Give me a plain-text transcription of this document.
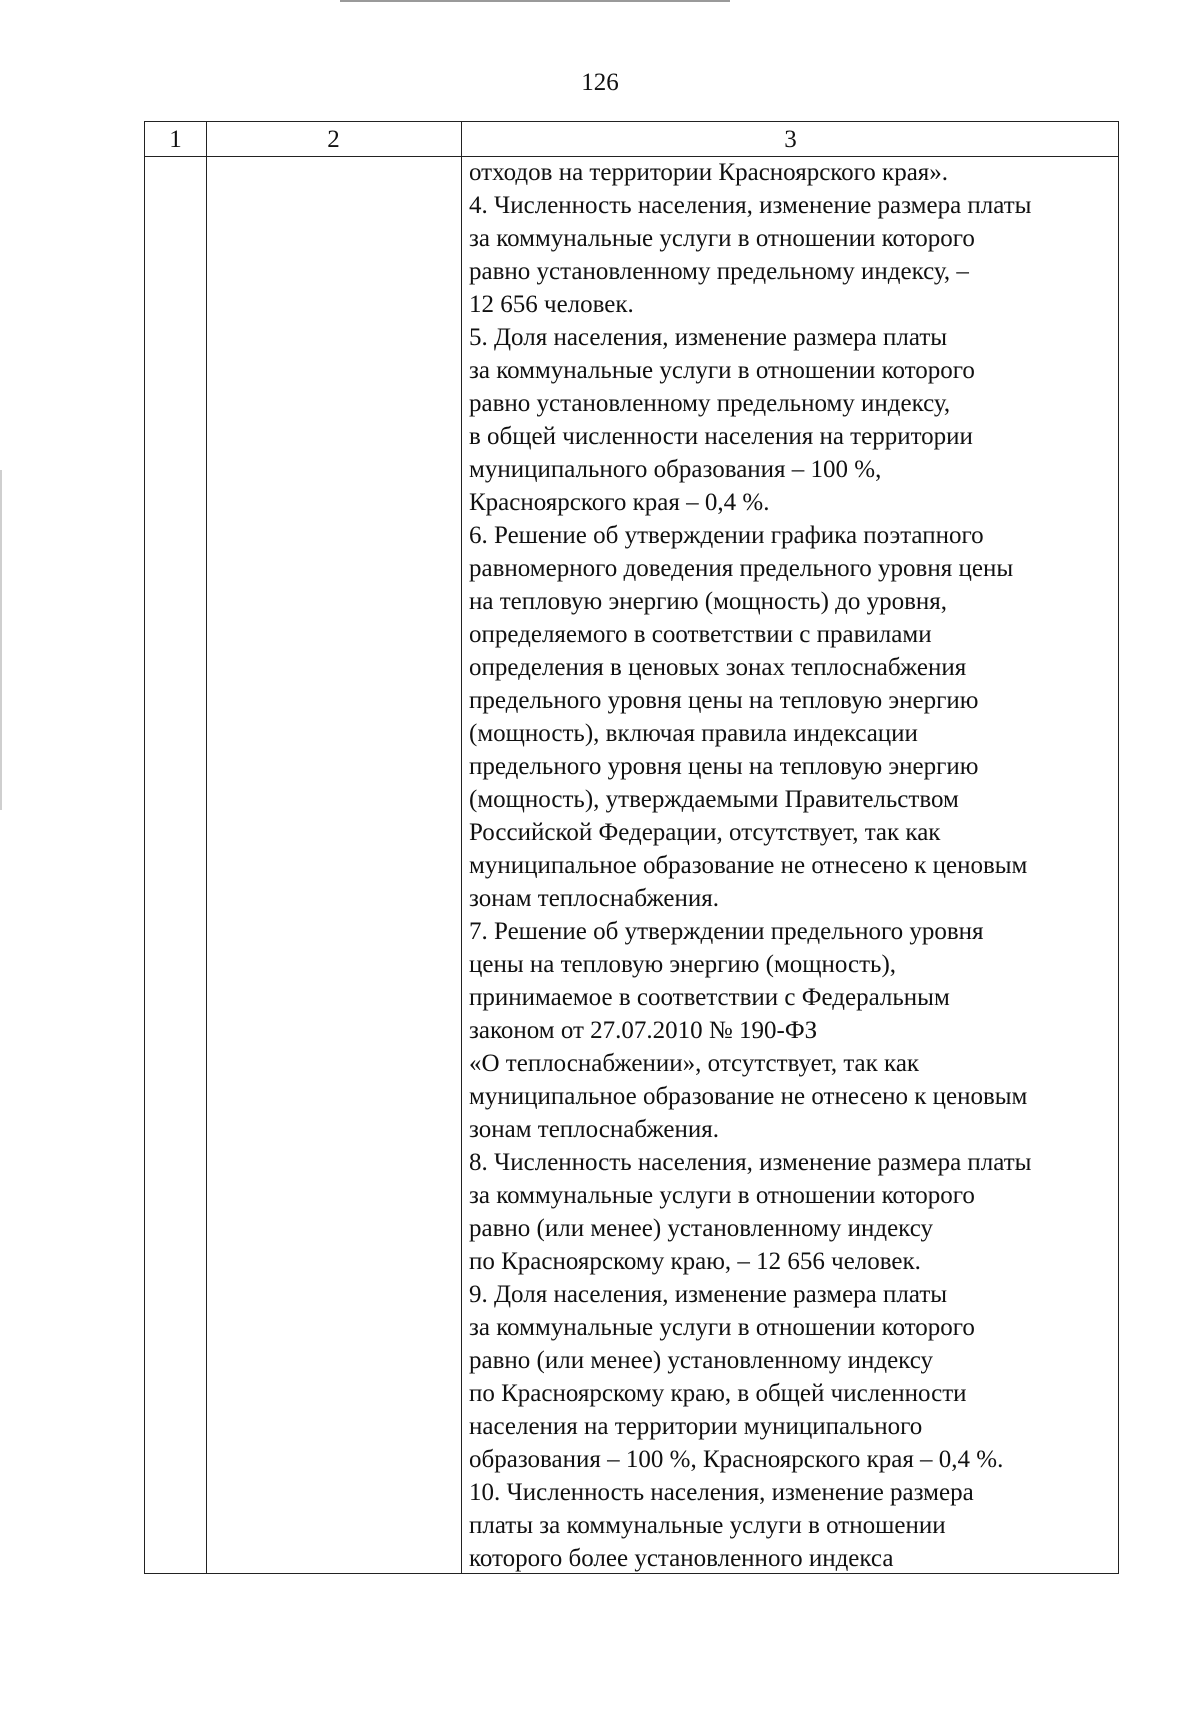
126
1	2	3
отходов на территории Красноярского края».
4. Численность населения, изменение размера платы
за коммунальные услуги в отношении которого
равно установленному предельному индексу, –
12 656 человек.
5. Доля населения, изменение размера платы
за коммунальные услуги в отношении которого
равно установленному предельному индексу,
в общей численности населения на территории
муниципального образования – 100 %,
Красноярского края – 0,4 %.
6. Решение об утверждении графика поэтапного
равномерного доведения предельного уровня цены
на тепловую энергию (мощность) до уровня,
определяемого в соответствии с правилами
определения в ценовых зонах теплоснабжения
предельного уровня цены на тепловую энергию
(мощность), включая правила индексации
предельного уровня цены на тепловую энергию
(мощность), утверждаемыми Правительством
Российской Федерации, отсутствует, так как
муниципальное образование не отнесено к ценовым
зонам теплоснабжения.
7. Решение об утверждении предельного уровня
цены на тепловую энергию (мощность),
принимаемое в соответствии с Федеральным
законом от 27.07.2010 № 190-ФЗ
«О теплоснабжении», отсутствует, так как
муниципальное образование не отнесено к ценовым
зонам теплоснабжения.
8. Численность населения, изменение размера платы
за коммунальные услуги в отношении которого
равно (или менее) установленному индексу
по Красноярскому краю, – 12 656 человек.
9. Доля населения, изменение размера платы
за коммунальные услуги в отношении которого
равно (или менее) установленному индексу
по Красноярскому краю, в общей численности
населения на территории муниципального
образования – 100 %, Красноярского края – 0,4 %.
10. Численность населения, изменение размера
платы за коммунальные услуги в отношении
которого более установленного индекса
